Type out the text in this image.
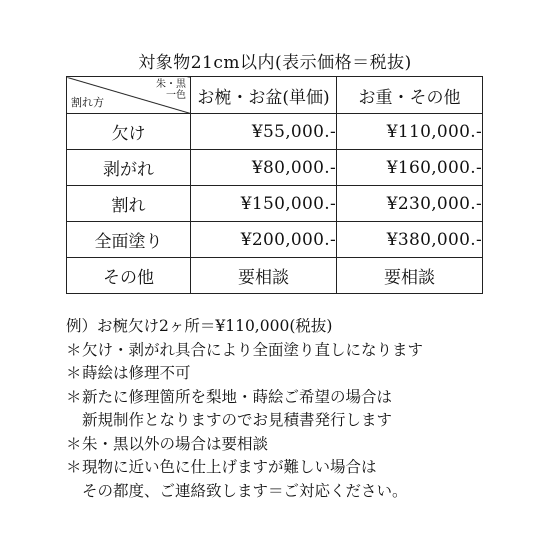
対象物21cm以内(表示価格＝税抜)
朱・黒
一色
割れ方	お椀・お盆(単価)	お重・その他
欠け	¥55,000.-	¥110,000.-
剥がれ	¥80,000.-	¥160,000.-
割れ	¥150,000.-	¥230,000.-
全面塗り	¥200,000.-	¥380,000.-
その他	要相談	要相談
例）お椀欠け2ヶ所＝¥110,000(税抜)
＊ 欠け・剥がれ具合により全面塗り直しになります
＊ 蒔絵は修理不可
＊ 新たに修理箇所を梨地・蒔絵ご希望の場合は
新規制作となりますのでお見積書発行します
＊ 朱・黒以外の場合は要相談
＊ 現物に近い色に仕上げますが難しい場合は
その都度、ご連絡致します＝ご対応ください。
